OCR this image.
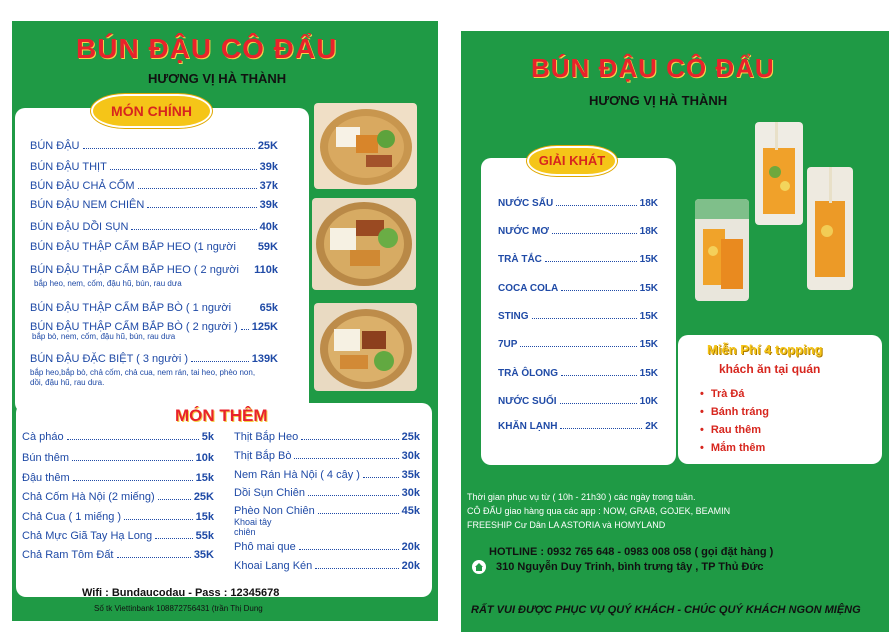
BÚN ĐẬU CÔ ĐẨU
HƯƠNG VỊ HÀ THÀNH
MÓN CHÍNH
BÚN ĐẬU	25K
BÚN ĐẬU THỊT	39k
BÚN ĐẬU CHẢ CỐM	37k
BÚN ĐẬU NEM CHIÊN	39k
BÚN ĐẬU DỒI SỤN	40k
BÚN ĐẬU THẬP CẨM BẮP HEO (1 người 59K
BÚN ĐẬU THẬP CẨM BẮP HEO ( 2 người 110k
bắp heo, nem, cốm, đậu hũ, bún, rau dưa
BÚN ĐẬU THẬP CẨM BẮP BÒ ( 1 người	65k
BÚN ĐẬU THẬP CẨM BẮP BÒ ( 2 người ) 125K
bắp bò, nem, cốm, đậu hũ, bún, rau dưa
BÚN ĐẬU ĐẶC BIỆT ( 3 người )	139K
bắp heo,bắp bò, chả cốm, chả cua, nem rán, tai heo, phèo non, dồi, đậu hũ, rau dưa.
MÓN THÊM
Cà pháo	5k
Bún thêm	10k
Đậu thêm	15k
Chả Cốm Hà Nội (2 miếng)	25K
Chả Cua ( 1 miếng )	15k
Chả Mực Giã Tay Hạ Long	55k
Chả Ram Tôm Đất	35K
Thịt Bắp Heo	25k
Thịt Bắp Bò	30k
Nem Rán Hà Nội ( 4 cây )	35k
Dồi Sụn Chiên	30k
Phèo Non Chiên	45k
Khoai tây chiên
Phô mai que	20k
Khoai Lang Kén	20k
Wifi : Bundaucodau - Pass : 12345678
Số tk Viettinbank 108872756431 (trần Thị Dung
BÚN ĐẬU CÔ ĐẨU
HƯƠNG VỊ HÀ THÀNH
GIẢI KHÁT
NƯỚC SẤU	18K
NƯỚC MƠ	18K
TRÀ TẮC	15K
COCA COLA	15K
STING	15K
7UP	15K
TRÀ ÔLONG	15K
NƯỚC SUỐI	10K
KHĂN LẠNH	2K
Miễn Phí 4 topping
khách ăn tại quán
• Trà Đá
• Bánh tráng
• Rau thêm
• Mắm thêm
Thời gian phục vụ từ ( 10h - 21h30 ) các ngày trong tuần.
CÔ ĐẨU giao hàng qua các app : NOW, GRAB, GOJEK, BEAMIN
FREESHIP Cư Dân LA ASTORIA và HOMYLAND
HOTLINE : 0932 765 648 - 0983 008 058 ( gọi đặt hàng )
310 Nguyễn Duy Trinh, bình trưng tây , TP Thủ Đức
RẤT VUI ĐƯỢC PHỤC VỤ QUÝ KHÁCH - CHÚC QUÝ KHÁCH NGON MIỆNG
